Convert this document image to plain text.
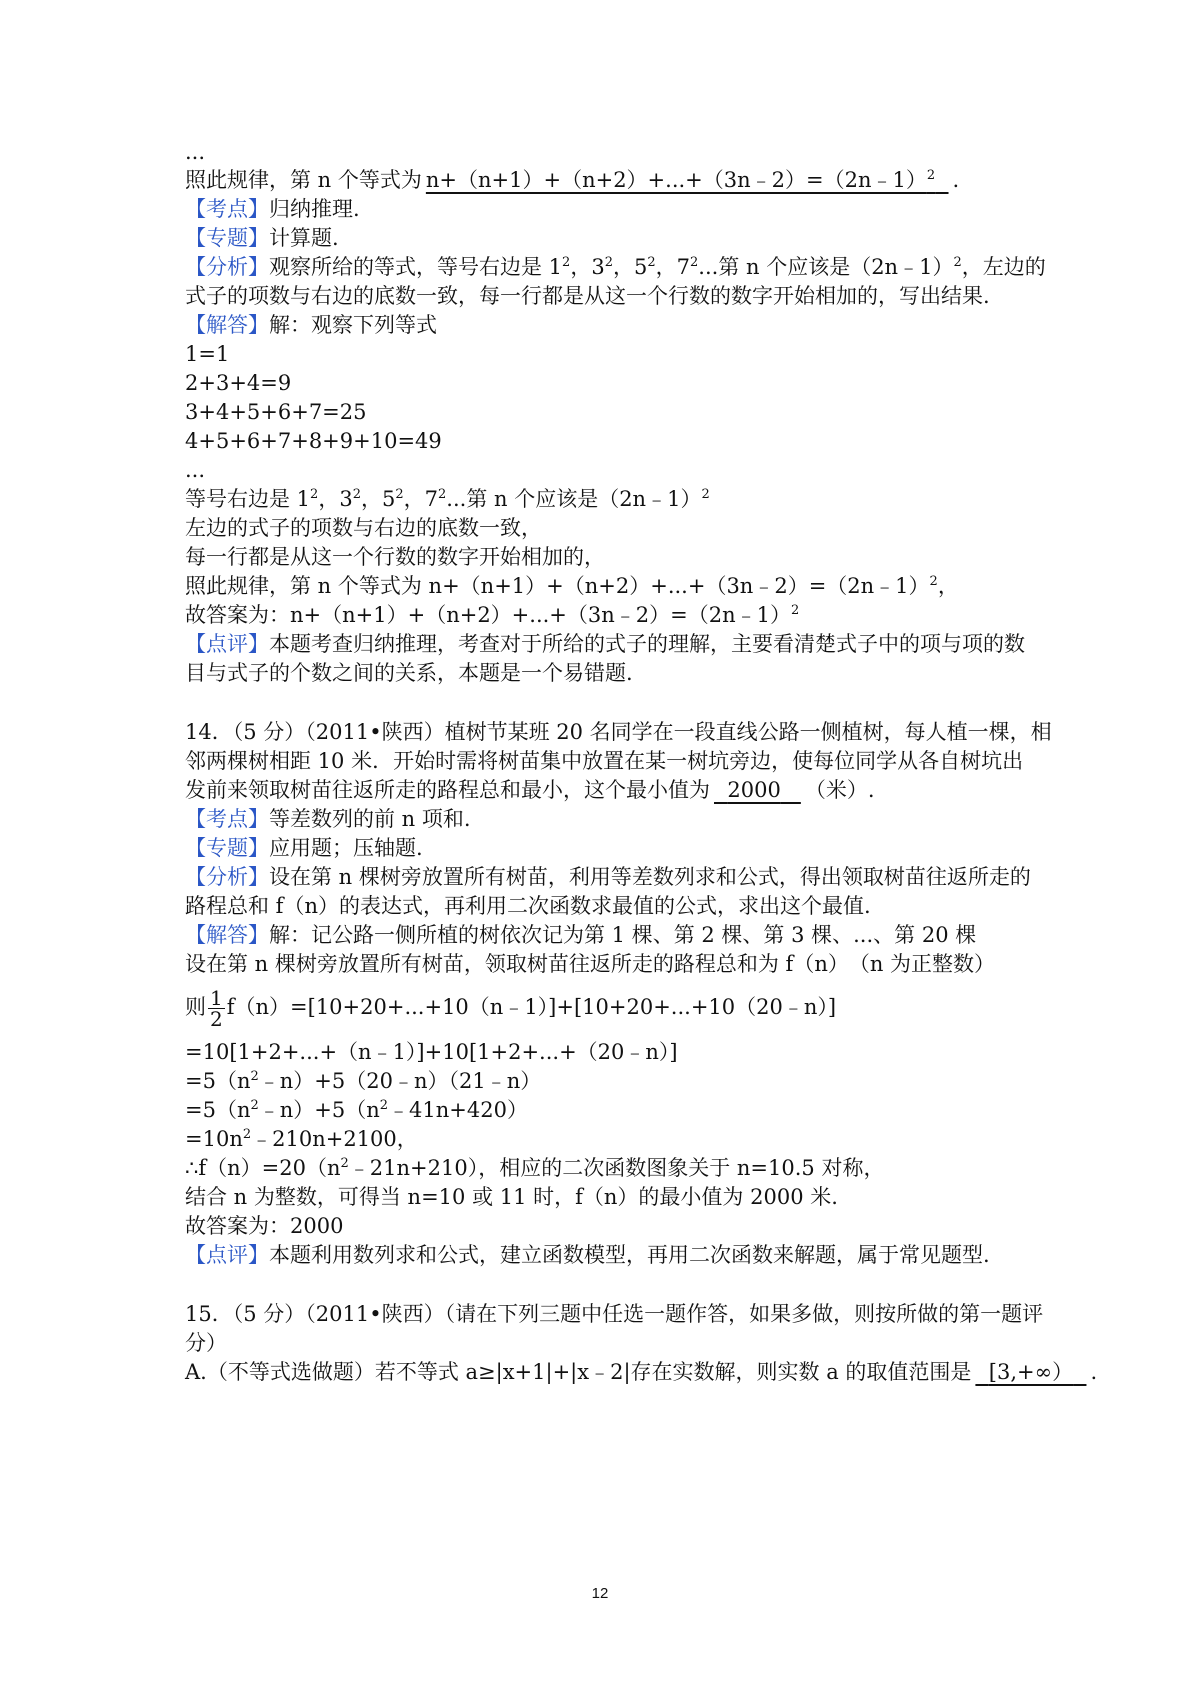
...
照此规律，第 n 个等式为 n+（n+1）+（n+2）+...+（3n﹣2）=（2n﹣1）$^2$ .
【考点】归纳推理.
【专题】计算题.
【分析】观察所给的等式，等号右边是 $1^2$，$3^2$，$5^2$，$7^2$...第 n 个应该是（2n﹣1）$^2$，左边的
式子的项数与右边的底数一致，每一行都是从这一个行数的数字开始相加的，写出结果.
【解答】解：观察下列等式
1=1
2+3+4=9
3+4+5+6+7=25
4+5+6+7+8+9+10=49
...
等号右边是 $1^2$，$3^2$，$5^2$，$7^2$...第 n 个应该是（2n﹣1）$^2$
左边的式子的项数与右边的底数一致，
每一行都是从这一个行数的数字开始相加的，
照此规律，第 n 个等式为 n+（n+1）+（n+2）+...+（3n﹣2）=（2n﹣1）$^2$，
故答案为：n+（n+1）+（n+2）+...+（3n﹣2）=（2n﹣1）$^2$
【点评】本题考查归纳推理，考查对于所给的式子的理解，主要看清楚式子中的项与项的数
目与式子的个数之间的关系，本题是一个易错题.
14．（5 分）（2011•陕西）植树节某班 20 名同学在一段直线公路一侧植树，每人植一棵，相
邻两棵树相距 10 米．开始时需将树苗集中放置在某一树坑旁边，使每位同学从各自树坑出
发前来领取树苗往返所走的路程总和最小，这个最小值为 2000 （米）.
【考点】等差数列的前 n 项和.
【专题】应用题；压轴题.
【分析】设在第 n 棵树旁放置所有树苗，利用等差数列求和公式，得出领取树苗往返所走的
路程总和 f（n）的表达式，再利用二次函数求最值的公式，求出这个最值.
【解答】解：记公路一侧所植的树依次记为第 1 棵、第 2 棵、第 3 棵、...、第 20 棵
设在第 n 棵树旁放置所有树苗，领取树苗往返所走的路程总和为 f（n）　（n 为正整数）
则 $\frac{1}{2}$ f（n）=[10+20+...+10（n﹣1）]+[10+20+...+10（20﹣n）]
=10[1+2+...+（n﹣1）]+10[1+2+...+（20﹣n）]
$=5(n^2﹣n)+5(20﹣n)(21﹣n)$
$=5(n^2﹣n)+5(n^2﹣41n+420)$
$=10n^2﹣210n+2100$，
$\therefore f(n)=20(n^2﹣21n+210)$，相应的二次函数图象关于 n=10.5 对称，
结合 n 为整数，可得当 n=10 或 11 时，f（n）的最小值为 2000 米.
故答案为：2000
【点评】本题利用数列求和公式，建立函数模型，再用二次函数来解题，属于常见题型.
15．（5 分）（2011•陕西）（请在下列三题中任选一题作答，如果多做，则按所做的第一题评
分）
A.（不等式选做题）若不等式 a≥|x+1|+|x﹣2|存在实数解，则实数 a 的取值范围是 [3,+∞） .
12
